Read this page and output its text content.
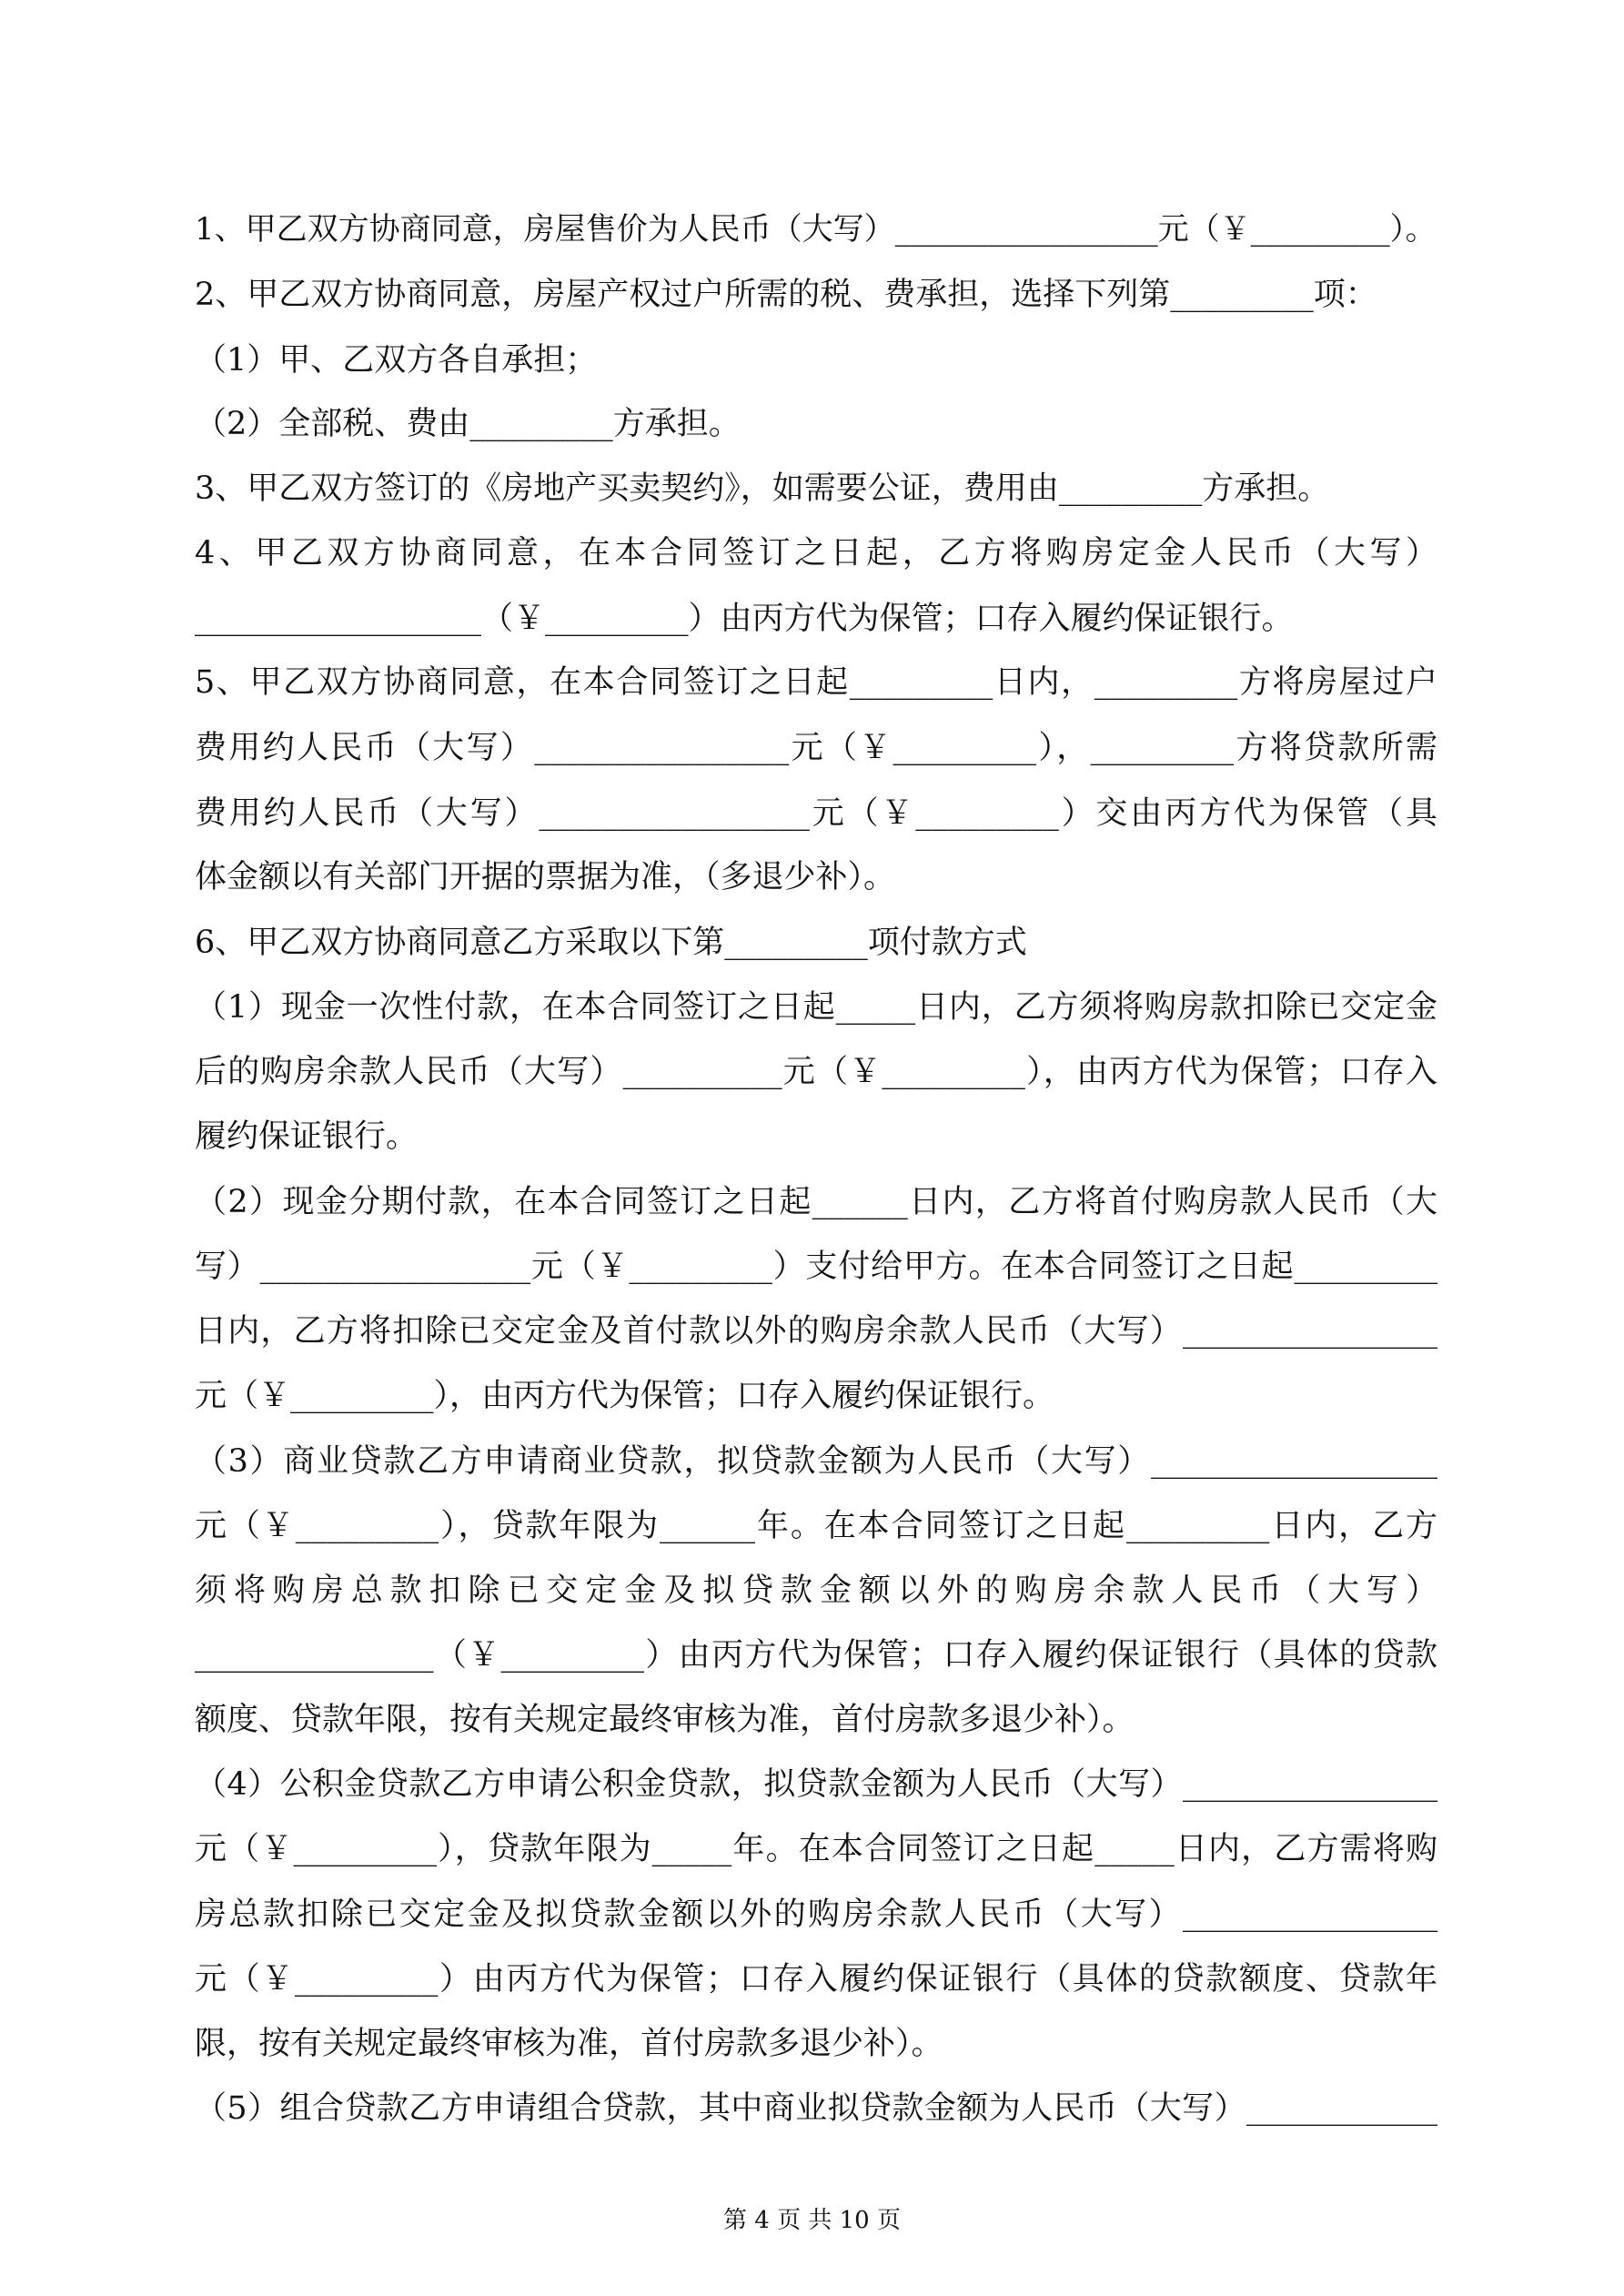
1、甲乙双方协商同意，房屋售价为人民币（大写）_________________元（￥_________）。
2、甲乙双方协商同意，房屋产权过户所需的税、费承担，选择下列第_________项：
（1）甲、乙双方各自承担；
（2）全部税、费由_________方承担。
3、甲乙双方签订的《房地产买卖契约》，如需要公证，费用由_________方承担。
4、甲乙双方协商同意，在本合同签订之日起，乙方将购房定金人民币（大写）
__________________（￥_________）由丙方代为保管；口存入履约保证银行。
5、甲乙双方协商同意，在本合同签订之日起_________日内，_________方将房屋过户
费用约人民币（大写）________________元（￥_________），_________方将贷款所需
费用约人民币（大写）_________________元（￥_________）交由丙方代为保管（具
体金额以有关部门开据的票据为准，（多退少补）。
6、甲乙双方协商同意乙方采取以下第_________项付款方式
（1）现金一次性付款，在本合同签订之日起_____日内，乙方须将购房款扣除已交定金
后的购房余款人民币（大写）__________元（￥_________），由丙方代为保管；口存入
履约保证银行。
（2）现金分期付款，在本合同签订之日起______日内，乙方将首付购房款人民币（大
写）_________________元（￥_________）支付给甲方。在本合同签订之日起_________
日内，乙方将扣除已交定金及首付款以外的购房余款人民币（大写）________________
元（￥_________），由丙方代为保管；口存入履约保证银行。
（3）商业贷款乙方申请商业贷款，拟贷款金额为人民币（大写）__________________
元（￥_________），贷款年限为______年。在本合同签订之日起_________日内，乙方
须将购房总款扣除已交定金及拟贷款金额以外的购房余款人民币（大写）
_______________（￥_________）由丙方代为保管；口存入履约保证银行（具体的贷款
额度、贷款年限，按有关规定最终审核为准，首付房款多退少补）。
（4）公积金贷款乙方申请公积金贷款，拟贷款金额为人民币（大写）________________
元（￥_________），贷款年限为_____年。在本合同签订之日起_____日内，乙方需将购
房总款扣除已交定金及拟贷款金额以外的购房余款人民币（大写）________________
元（￥_________）由丙方代为保管；口存入履约保证银行（具体的贷款额度、贷款年
限，按有关规定最终审核为准，首付房款多退少补）。
（5）组合贷款乙方申请组合贷款，其中商业拟贷款金额为人民币（大写）____________
第 4 页 共 10 页
